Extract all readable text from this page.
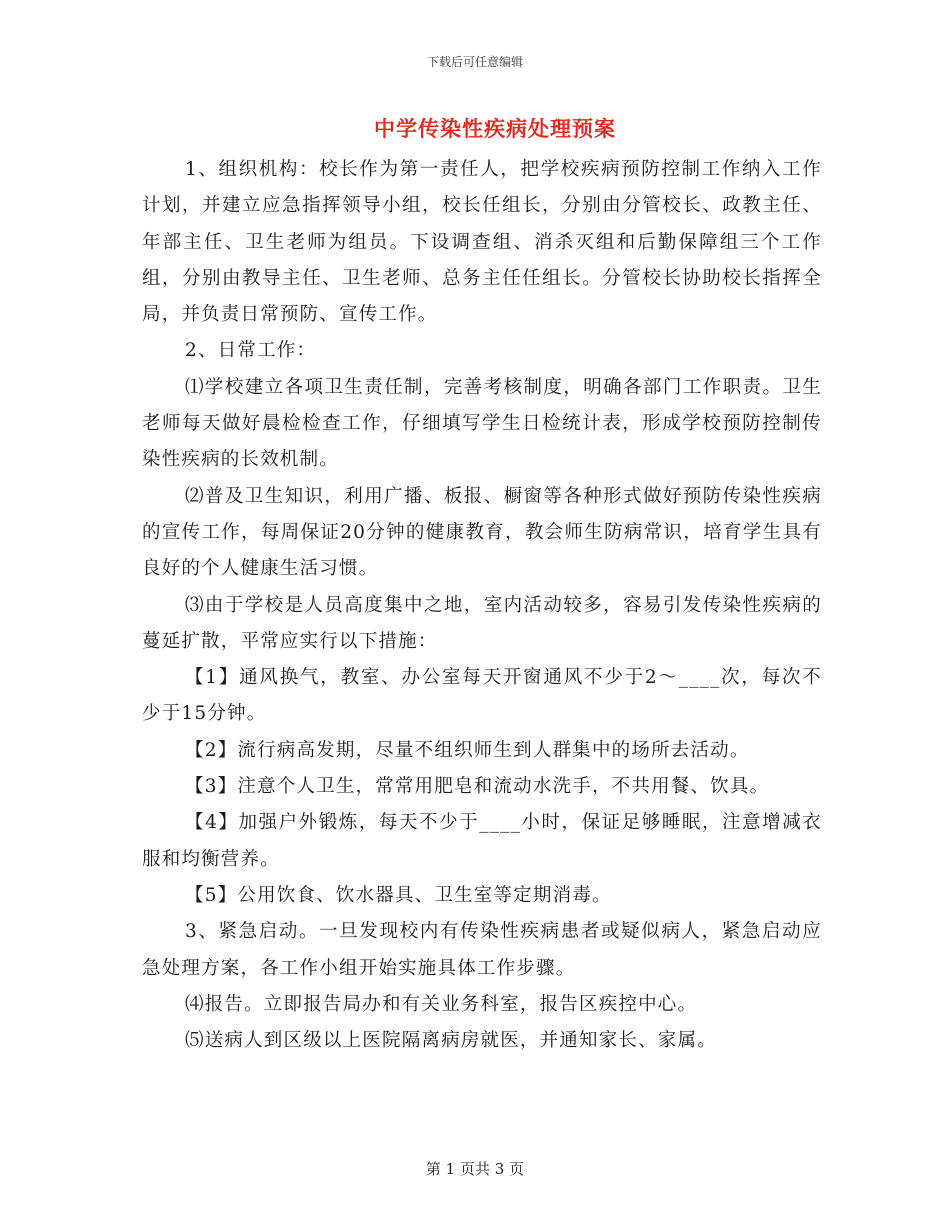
下载后可任意编辑
中学传染性疾病处理预案

1、组织机构：校长作为第一责任人，把学校疾病预防控制工作纳入工作计划，并建立应急指挥领导小组，校长任组长，分别由分管校长、政教主任、年部主任、卫生老师为组员。下设调查组、消杀灭组和后勤保障组三个工作组，分别由教导主任、卫生老师、总务主任任组长。分管校长协助校长指挥全局，并负责日常预防、宣传工作。

2、日常工作：

⑴学校建立各项卫生责任制，完善考核制度，明确各部门工作职责。卫生老师每天做好晨检检查工作，仔细填写学生日检统计表，形成学校预防控制传染性疾病的长效机制。

⑵普及卫生知识，利用广播、板报、橱窗等各种形式做好预防传染性疾病的宣传工作，每周保证20分钟的健康教育，教会师生防病常识，培育学生具有良好的个人健康生活习惯。

⑶由于学校是人员高度集中之地，室内活动较多，容易引发传染性疾病的蔓延扩散，平常应实行以下措施：

【1】通风换气，教室、办公室每天开窗通风不少于2～____次，每次不少于15分钟。

【2】流行病高发期，尽量不组织师生到人群集中的场所去活动。

【3】注意个人卫生，常常用肥皂和流动水洗手，不共用餐、饮具。

【4】加强户外锻炼，每天不少于____小时，保证足够睡眠，注意增减衣服和均衡营养。

【5】公用饮食、饮水器具、卫生室等定期消毒。

3、紧急启动。一旦发现校内有传染性疾病患者或疑似病人，紧急启动应急处理方案，各工作小组开始实施具体工作步骤。

⑷报告。立即报告局办和有关业务科室，报告区疾控中心。

⑸送病人到区级以上医院隔离病房就医，并通知家长、家属。

第 1 页共 3 页
